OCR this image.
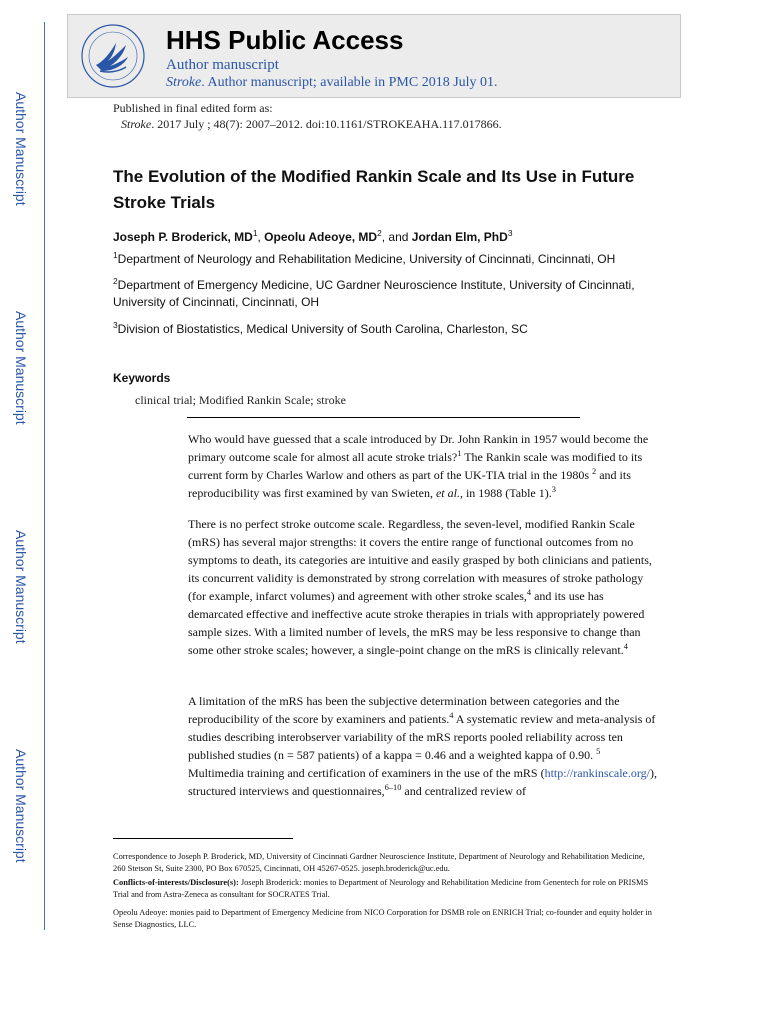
Author Manuscript
Author Manuscript
Author Manuscript
Author Manuscript
HHS Public Access
Author manuscript
Stroke. Author manuscript; available in PMC 2018 July 01.
Published in final edited form as:
Stroke. 2017 July ; 48(7): 2007–2012. doi:10.1161/STROKEAHA.117.017866.
The Evolution of the Modified Rankin Scale and Its Use in Future Stroke Trials
Joseph P. Broderick, $MD^1$, Opeolu Adeoye, $MD^2$, and Jordan Elm, PhD$^3$
$^1$Department of Neurology and Rehabilitation Medicine, University of Cincinnati, Cincinnati, OH
$^2$Department of Emergency Medicine, UC Gardner Neuroscience Institute, University of Cincinnati, University of Cincinnati, Cincinnati, OH
$^3$Division of Biostatistics, Medical University of South Carolina, Charleston, SC
Keywords
clinical trial; Modified Rankin Scale; stroke
Who would have guessed that a scale introduced by Dr. John Rankin in 1957 would become the primary outcome scale for almost all acute stroke trials?$^1$ The Rankin scale was modified to its current form by Charles Warlow and others as part of the UK-TIA trial in the 1980s $^2$ and its reproducibility was first examined by van Swieten, et al., in 1988 (Table 1).$^3$
There is no perfect stroke outcome scale. Regardless, the seven-level, modified Rankin Scale (mRS) has several major strengths: it covers the entire range of functional outcomes from no symptoms to death, its categories are intuitive and easily grasped by both clinicians and patients, its concurrent validity is demonstrated by strong correlation with measures of stroke pathology (for example, infarct volumes) and agreement with other stroke scales,$^4$ and its use has demarcated effective and ineffective acute stroke therapies in trials with appropriately powered sample sizes. With a limited number of levels, the mRS may be less responsive to change than some other stroke scales; however, a single-point change on the mRS is clinically relevant.$^4$
A limitation of the mRS has been the subjective determination between categories and the reproducibility of the score by examiners and patients.$^4$ A systematic review and meta-analysis of studies describing interobserver variability of the mRS reports pooled reliability across ten published studies (n = 587 patients) of a kappa = 0.46 and a weighted kappa of 0.90. $^5$ Multimedia training and certification of examiners in the use of the mRS (http://rankinscale.org/), structured interviews and questionnaires,$^{6-10}$ and centralized review of
Correspondence to Joseph P. Broderick, MD, University of Cincinnati Gardner Neuroscience Institute, Department of Neurology and Rehabilitation Medicine, 260 Stetson St, Suite 2300, PO Box 670525, Cincinnati, OH 45267-0525. joseph.broderick@uc.edu.
Conflicts-of-interests/Disclosure(s): Joseph Broderick: monies to Department of Neurology and Rehabilitation Medicine from Genentech for role on PRISMS Trial and from Astra-Zeneca as consultant for SOCRATES Trial.
Opeolu Adeoye: monies paid to Department of Emergency Medicine from NICO Corporation for DSMB role on ENRICH Trial; co-founder and equity holder in Sense Diagnostics, LLC.
